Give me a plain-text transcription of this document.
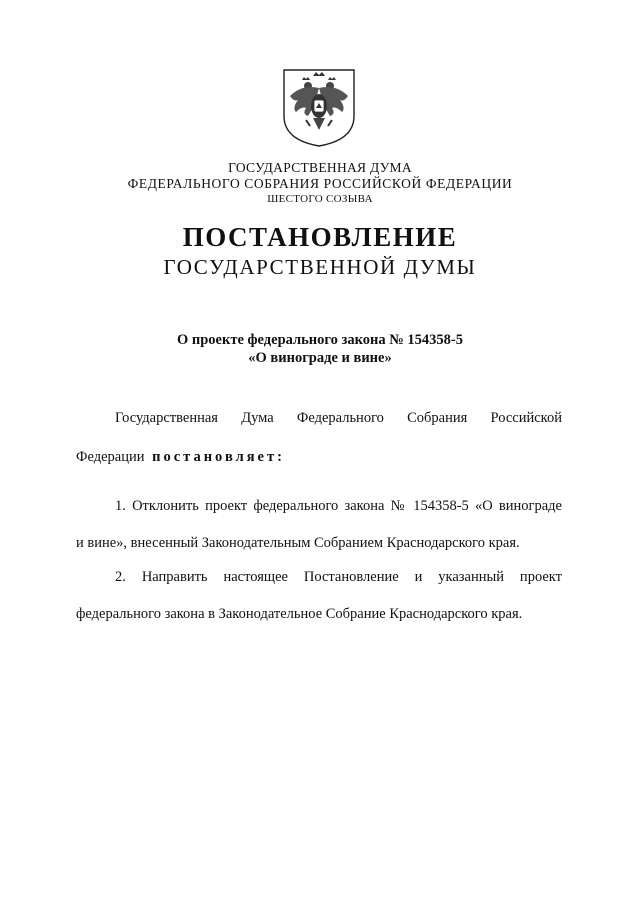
ГОСУДАРСТВЕННАЯ ДУМА
ФЕДЕРАЛЬНОГО СОБРАНИЯ РОССИЙСКОЙ ФЕДЕРАЦИИ
ШЕСТОГО СОЗЫВА
ПОСТАНОВЛЕНИЕ
ГОСУДАРСТВЕННОЙ ДУМЫ
О проекте федерального закона № 154358-5
«О винограде и вине»
Государственная Дума Федерального Собрания Российской
Федерации постановляет:
1. Отклонить проект федерального закона № 154358-5 «О винограде
и вине», внесенный Законодательным Собранием Краснодарского края.
2. Направить настоящее Постановление и указанный проект
федерального закона в Законодательное Собрание Краснодарского края.
